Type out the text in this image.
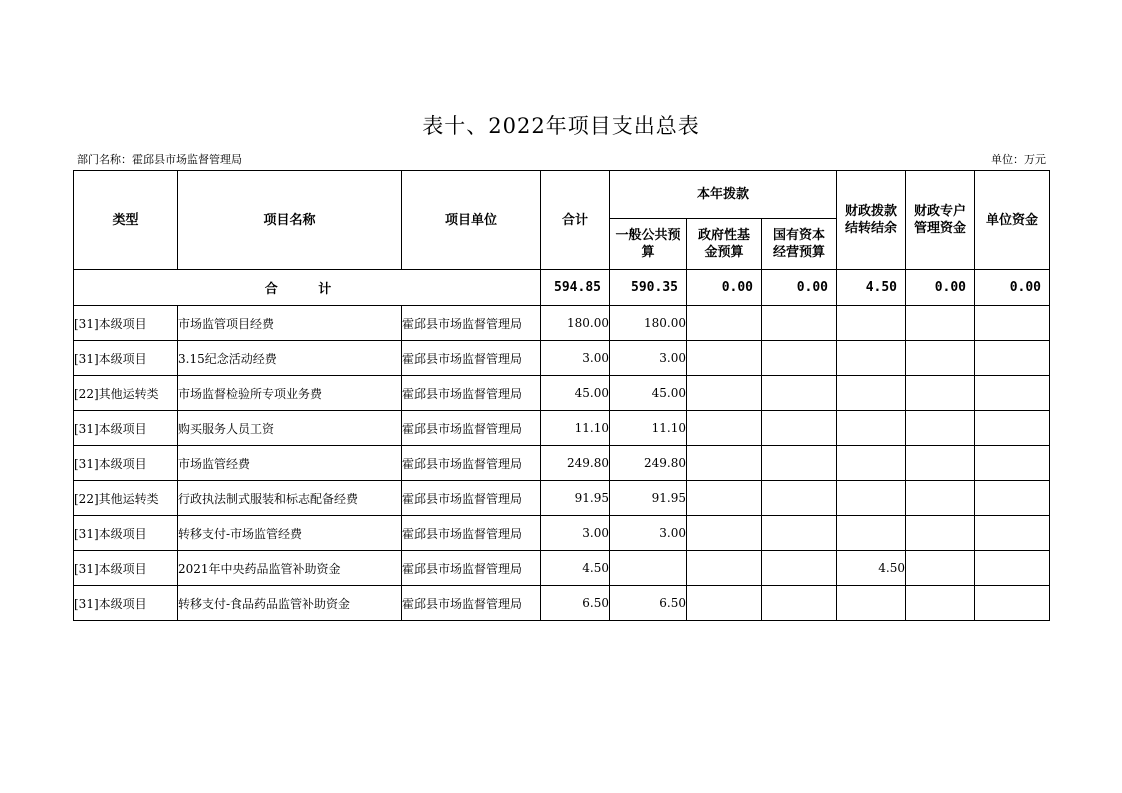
表十、2022年项目支出总表
部门名称：霍邱县市场监督管理局	单位：万元
类型	项目名称	项目单位	合计	本年拨款			财政拨款结转结余	财政专户管理资金	单位资金
				一般公共预算	政府性基金预算	国有资本经营预算			
合 计			594.85	590.35	0.00	0.00	4.50	0.00	0.00
[31]本级项目	市场监管项目经费	霍邱县市场监督管理局	180.00	180.00					
[31]本级项目	3.15纪念活动经费	霍邱县市场监督管理局	3.00	3.00					
[22]其他运转类	市场监督检验所专项业务费	霍邱县市场监督管理局	45.00	45.00					
[31]本级项目	购买服务人员工资	霍邱县市场监督管理局	11.10	11.10					
[31]本级项目	市场监管经费	霍邱县市场监督管理局	249.80	249.80					
[22]其他运转类	行政执法制式服装和标志配备经费	霍邱县市场监督管理局	91.95	91.95					
[31]本级项目	转移支付-市场监管经费	霍邱县市场监督管理局	3.00	3.00					
[31]本级项目	2021年中央药品监管补助资金	霍邱县市场监督管理局	4.50				4.50		
[31]本级项目	转移支付-食品药品监管补助资金	霍邱县市场监督管理局	6.50	6.50					
